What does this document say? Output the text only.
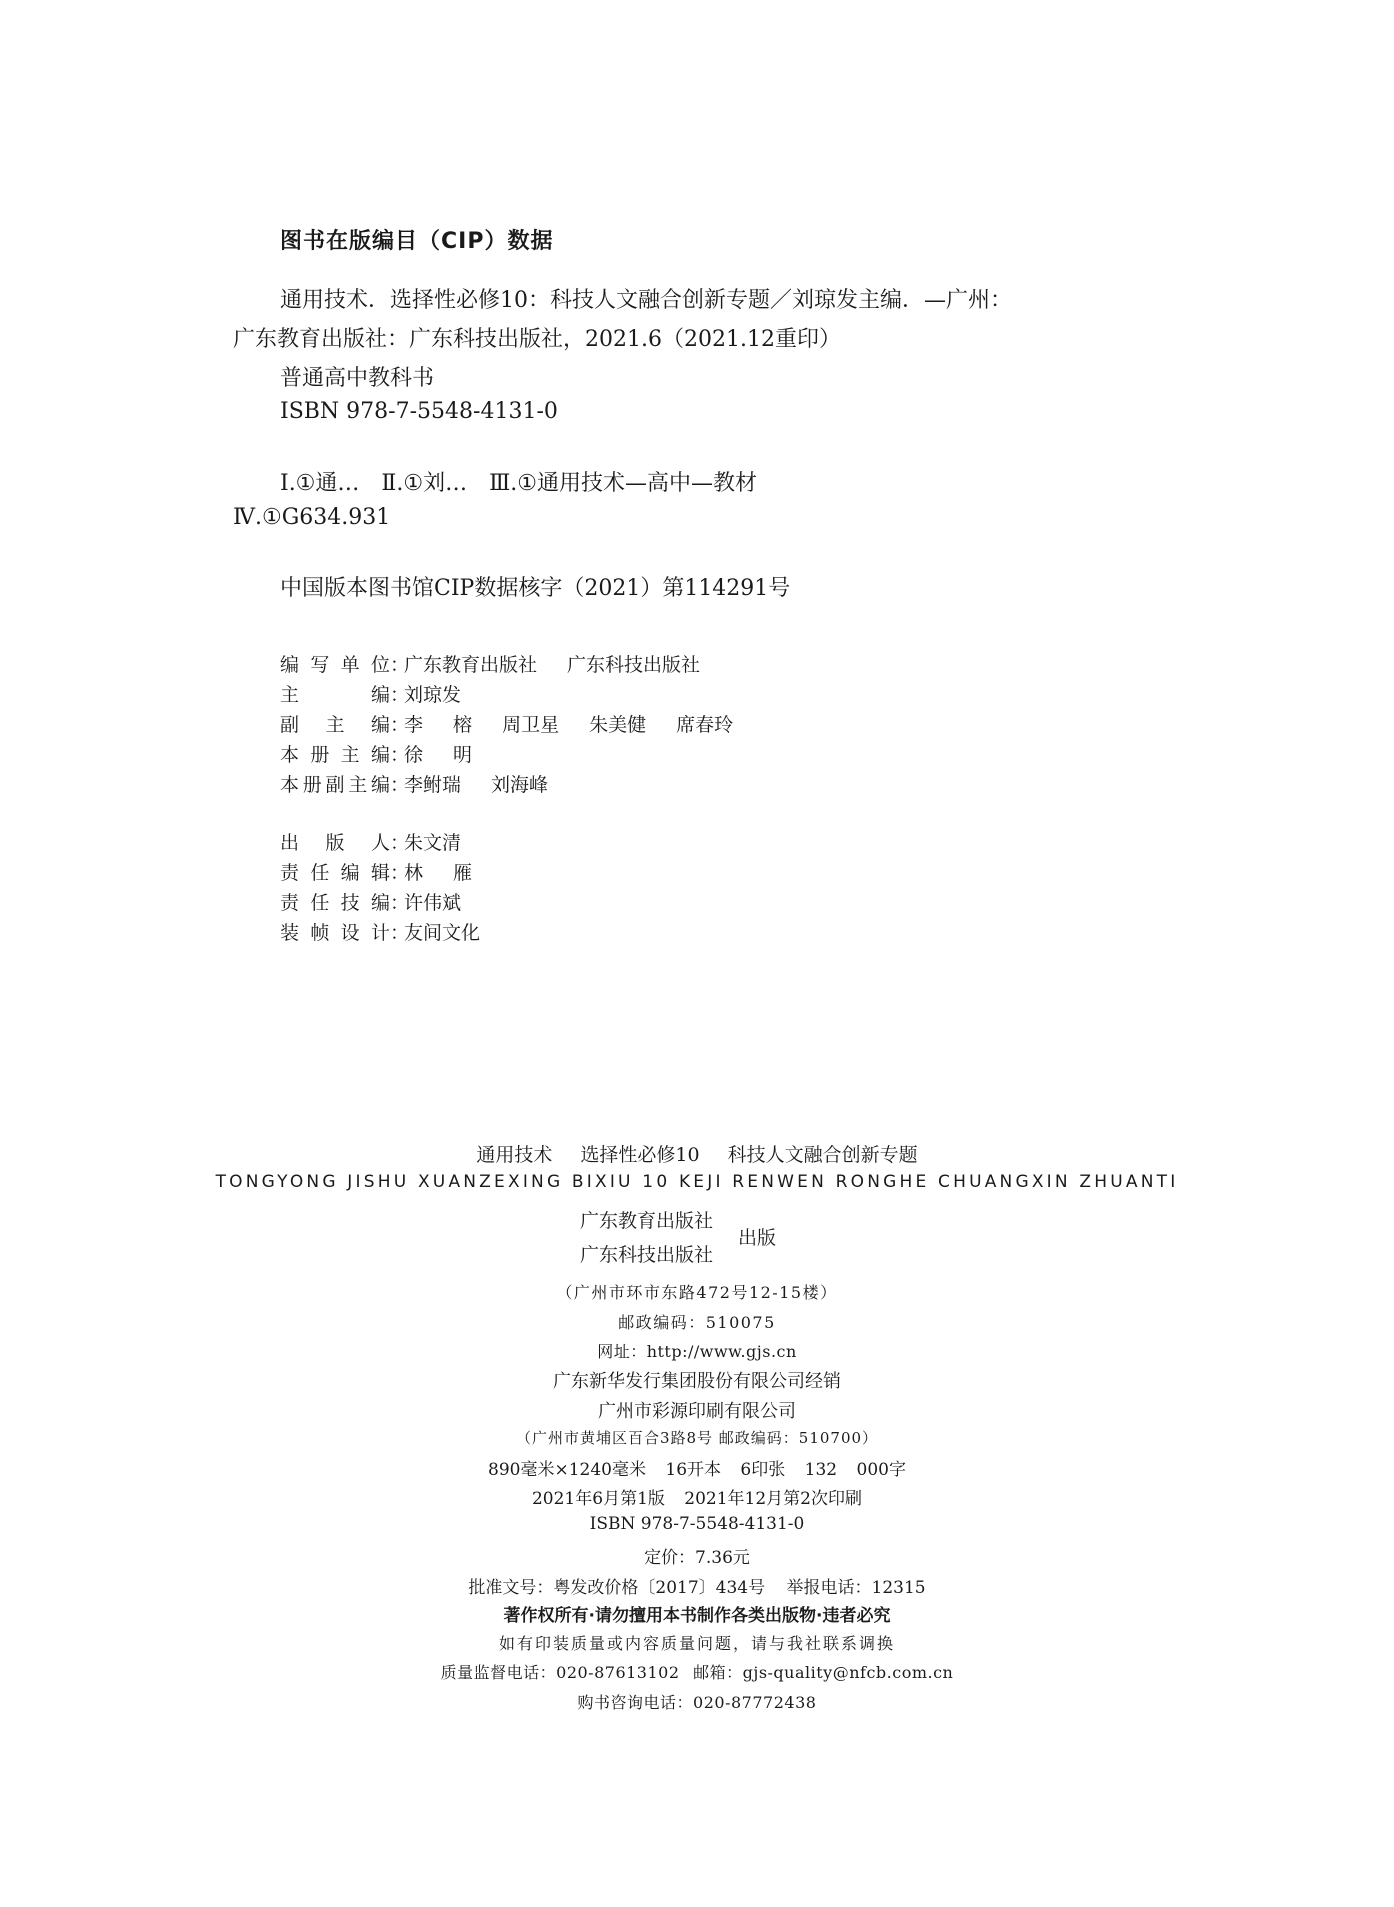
图书在版编目（CIP）数据
通用技术．选择性必修10：科技人文融合创新专题／刘琼发主编．—广州：
广东教育出版社：广东科技出版社，2021.6（2021.12重印）
普通高中教科书
ISBN 978-7-5548-4131-0
Ⅰ.①通…　Ⅱ.①刘…　Ⅲ.①通用技术—高中—教材
Ⅳ.①G634.931
中国版本图书馆CIP数据核字（2021）第114291号
编写单位：广东教育出版社 广东科技出版社
主编：刘琼发
副主编：李 榕 周卫星 朱美健 席春玲
本册主编：徐 明
本册副主编：李鲋瑞 刘海峰
出版人：朱文清
责任编辑：林 雁
责任技编：许伟斌
装帧设计：友间文化
通用技术 选择性必修10 科技人文融合创新专题
TONGYONG JISHU XUANZEXING BIXIU 10 KEJI RENWEN RONGHE CHUANGXIN ZHUANTI
广东教育出版社
广东科技出版社
出版
（广州市环市东路472号12-15楼）
邮政编码：510075
网址：http://www.gjs.cn
广东新华发行集团股份有限公司经销
广州市彩源印刷有限公司
（广州市黄埔区百合3路8号 邮政编码：510700）
890毫米×1240毫米 16开本 6印张 132 000字
2021年6月第1版 2021年12月第2次印刷
ISBN 978-7-5548-4131-0
定价：7.36元
批准文号：粤发改价格〔2017〕434号 举报电话：12315
著作权所有·请勿擅用本书制作各类出版物·违者必究
如有印装质量或内容质量问题，请与我社联系调换
质量监督电话：020-87613102 邮箱：gjs-quality@nfcb.com.cn
购书咨询电话：020-87772438
